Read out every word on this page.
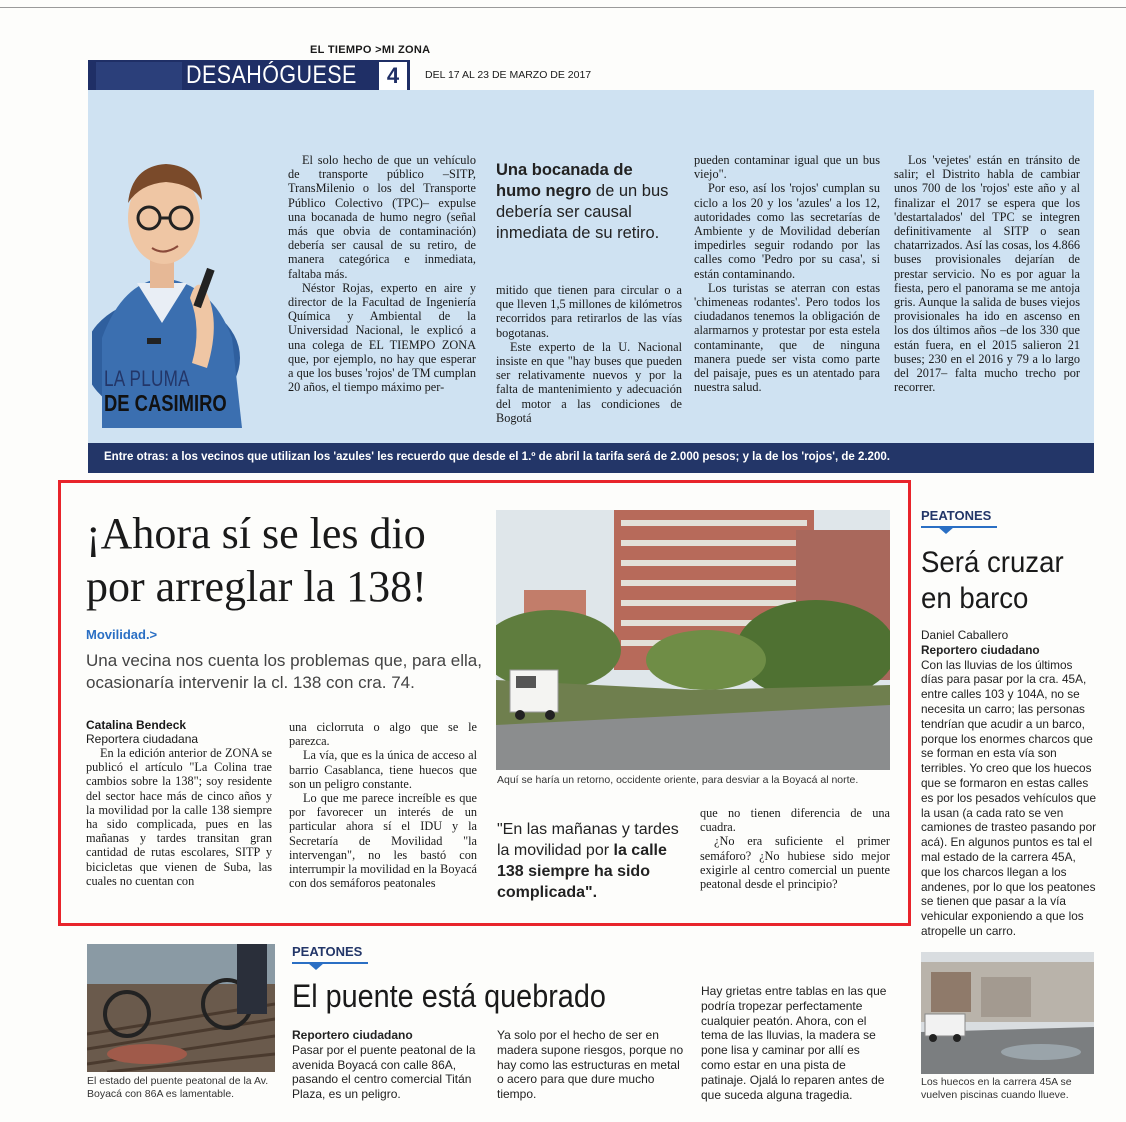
EL TIEMPO >MI ZONA
DESAHÓGUESE	4	DEL 17 AL 23 DE MARZO DE 2017
LA PLUMA
DE CASIMIRO

El solo hecho de que un vehículo de transporte público –SITP, TransMilenio o los del Transporte Público Colectivo (TPC)– expulse una bocanada de humo negro (señal más que obvia de contaminación) debería ser causal de su retiro, de manera categórica e inmediata, faltaba más.

Néstor Rojas, experto en aire y director de la Facultad de Ingeniería Química y Ambiental de la Universidad Nacional, le explicó a una colega de EL TIEMPO ZONA que, por ejemplo, no hay que esperar a que los buses 'rojos' de TM cumplan 20 años, el tiempo máximo per-

Una bocanada de humo negro de un bus debería ser causal inmediata de su retiro.

mitido que tienen para circular o a que lleven 1,5 millones de kilómetros recorridos para retirarlos de las vías bogotanas.

Este experto de la U. Nacional insiste en que "hay buses que pueden ser relativamente nuevos y por la falta de mantenimiento y adecuación del motor a las condiciones de Bogotá

pueden contaminar igual que un bus viejo".

Por eso, así los 'rojos' cumplan su ciclo a los 20 y los 'azules' a los 12, autoridades como las secretarías de Ambiente y de Movilidad deberían impedirles seguir rodando por las calles como 'Pedro por su casa', si están contaminando.

Los turistas se aterran con estas 'chimeneas rodantes'. Pero todos los ciudadanos tenemos la obligación de alarmarnos y protestar por esta estela contaminante, que de ninguna manera puede ser vista como parte del paisaje, pues es un atentado para nuestra salud.

Los 'vejetes' están en tránsito de salir; el Distrito habla de cambiar unos 700 de los 'rojos' este año y al finalizar el 2017 se espera que los 'destartalados' del TPC se integren definitivamente al SITP o sean chatarrizados. Así las cosas, los 4.866 buses provisionales dejarían de prestar servicio. No es por aguar la fiesta, pero el panorama se me antoja gris. Aunque la salida de buses viejos provisionales ha ido en ascenso en los dos últimos años –de los 330 que están fuera, en el 2015 salieron 21 buses; 230 en el 2016 y 79 a lo largo del 2017– falta mucho trecho por recorrer.

Entre otras: a los vecinos que utilizan los 'azules' les recuerdo que desde el 1.º de abril la tarifa será de 2.000 pesos; y la de los 'rojos', de 2.200.
¡Ahora sí se les dio
por arreglar la 138!
Movilidad.>
Una vecina nos cuenta los problemas que, para ella, ocasionaría intervenir la cl. 138 con cra. 74.
Catalina Bendeck
Reportera ciudadana

En la edición anterior de ZONA se publicó el artículo "La Colina trae cambios sobre la 138"; soy residente del sector hace más de cinco años y la movilidad por la calle 138 siempre ha sido complicada, pues en las mañanas y tardes transitan gran cantidad de rutas escolares, SITP y bicicletas que vienen de Suba, las cuales no cuentan con

una ciclorruta o algo que se le parezca.

La vía, que es la única de acceso al barrio Casablanca, tiene huecos que son un peligro constante.

Lo que me parece increíble es que por favorecer un interés de un particular ahora sí el IDU y la Secretaría de Movilidad "la intervengan", no les bastó con interrumpir la movilidad en la Boyacá con dos semáforos peatonales

Aquí se haría un retorno, occidente oriente, para desviar a la Boyacá al norte.
"En las mañanas y tardes la movilidad por la calle 138 siempre ha sido complicada".

que no tienen diferencia de una cuadra.

¿No era suficiente el primer semáforo? ¿No hubiese sido mejor exigirle al centro comercial un puente peatonal desde el principio?

PEATONES
Será cruzar en barco
Daniel Caballero
Reportero ciudadano
Con las lluvias de los últimos días para pasar por la cra. 45A, entre calles 103 y 104A, no se necesita un carro; las personas tendrían que acudir a un barco, porque los enormes charcos que se forman en esta vía son terribles. Yo creo que los huecos que se formaron en estas calles es por los pesados vehículos que la usan (a cada rato se ven camiones de trasteo pasando por acá). En algunos puntos es tal el mal estado de la carrera 45A, que los charcos llegan a los andenes, por lo que los peatones se tienen que pasar a la vía vehicular exponiendo a que los atropelle un carro.
Los huecos en la carrera 45A se vuelven piscinas cuando llueve.
El estado del puente peatonal de la Av. Boyacá con 86A es lamentable.
PEATONES
El puente está quebrado
Reportero ciudadano
Pasar por el puente peatonal de la avenida Boyacá con calle 86A, pasando el centro comercial Titán Plaza, es un peligro.
Ya solo por el hecho de ser en madera supone riesgos, porque no hay como las estructuras en metal o acero para que dure mucho tiempo.
Hay grietas entre tablas en las que podría tropezar perfectamente cualquier peatón. Ahora, con el tema de las lluvias, la madera se pone lisa y caminar por allí es como estar en una pista de patinaje. Ojalá lo reparen antes de que suceda alguna tragedia.
